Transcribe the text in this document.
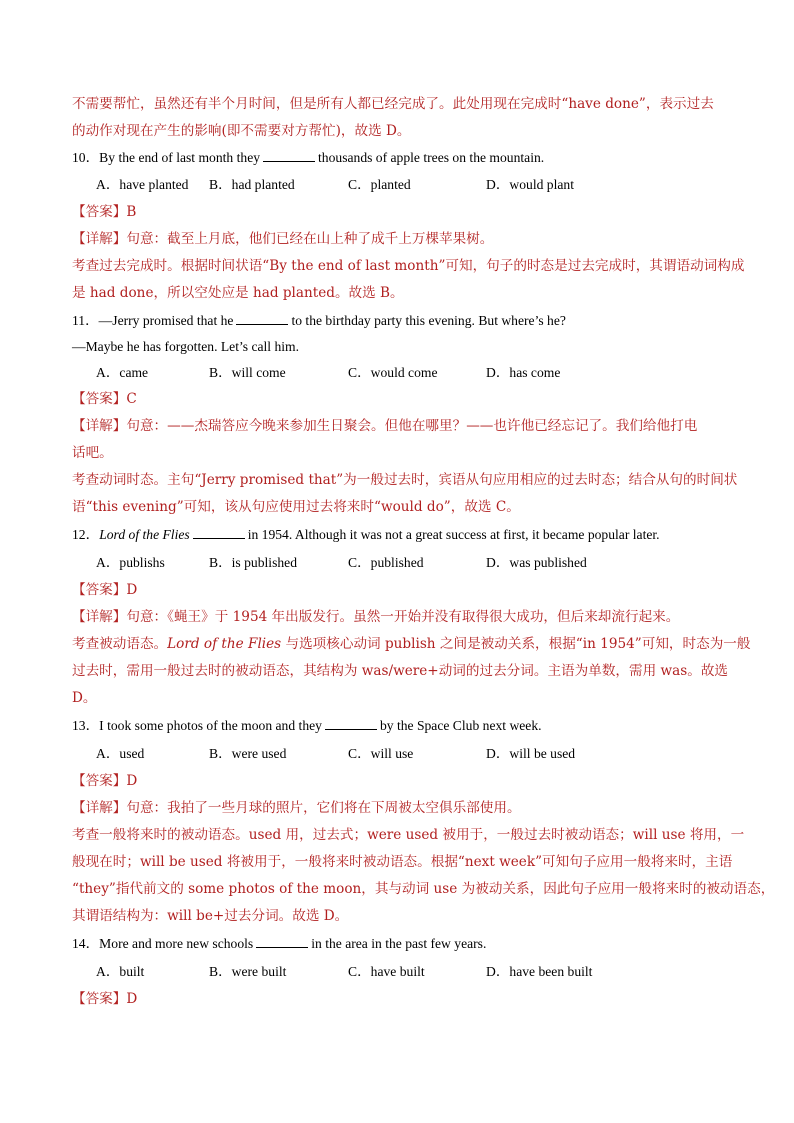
不需要帮忙，虽然还有半个月时间，但是所有人都已经完成了。此处用现在完成时“have done”，表示过去
的动作对现在产生的影响(即不需要对方帮忙)，故选 D。
10．By the end of last month they	thousands of apple trees on the mountain.
A．have planted B．had planted	C．planted	D．would plant
【答案】B
【详解】句意：截至上月底，他们已经在山上种了成千上万棵苹果树。
考查过去完成时。根据时间状语“By the end of last month”可知，句子的时态是过去完成时，其谓语动词构成
是 had done，所以空处应是 had planted。故选 B。
11．—Jerry promised that he	to the birthday party this evening. But where’s he?
—Maybe he has forgotten. Let’s call him.
A．came	B．will come	C．would come	D．has come
【答案】C
【详解】句意：——杰瑞答应今晚来参加生日聚会。但他在哪里？——也许他已经忘记了。我们给他打电
话吧。
考查动词时态。主句“Jerry promised that”为一般过去时，宾语从句应用相应的过去时态；结合从句的时间状
语“this evening”可知，该从句应使用过去将来时“would do”，故选 C。
12．Lord of the Flies	in 1954. Although it was not a great success at first, it became popular later.
A．publishs	B．is published	C．published	D．was published
【答案】D
【详解】句意：《蝇王》于 1954 年出版发行。虽然一开始并没有取得很大成功，但后来却流行起来。
考查被动语态。Lord of the Flies 与选项核心动词 publish 之间是被动关系，根据“in 1954”可知，时态为一般
过去时，需用一般过去时的被动语态，其结构为 was/were+动词的过去分词。主语为单数，需用 was。故选
D。
13．I took some photos of the moon and they	by the Space Club next week.
A．used	B．were used	C．will use	D．will be used
【答案】D
【详解】句意：我拍了一些月球的照片，它们将在下周被太空俱乐部使用。
考查一般将来时的被动语态。used 用，过去式；were used 被用于，一般过去时被动语态；will use 将用，一
般现在时；will be used 将被用于，一般将来时被动语态。根据“next week”可知句子应用一般将来时，主语
“they”指代前文的 some photos of the moon，其与动词 use 为被动关系，因此句子应用一般将来时的被动语态，
其谓语结构为：will be+过去分词。故选 D。
14．More and more new schools	in the area in the past few years.
A．built	B．were built	C．have built	D．have been built
【答案】D
